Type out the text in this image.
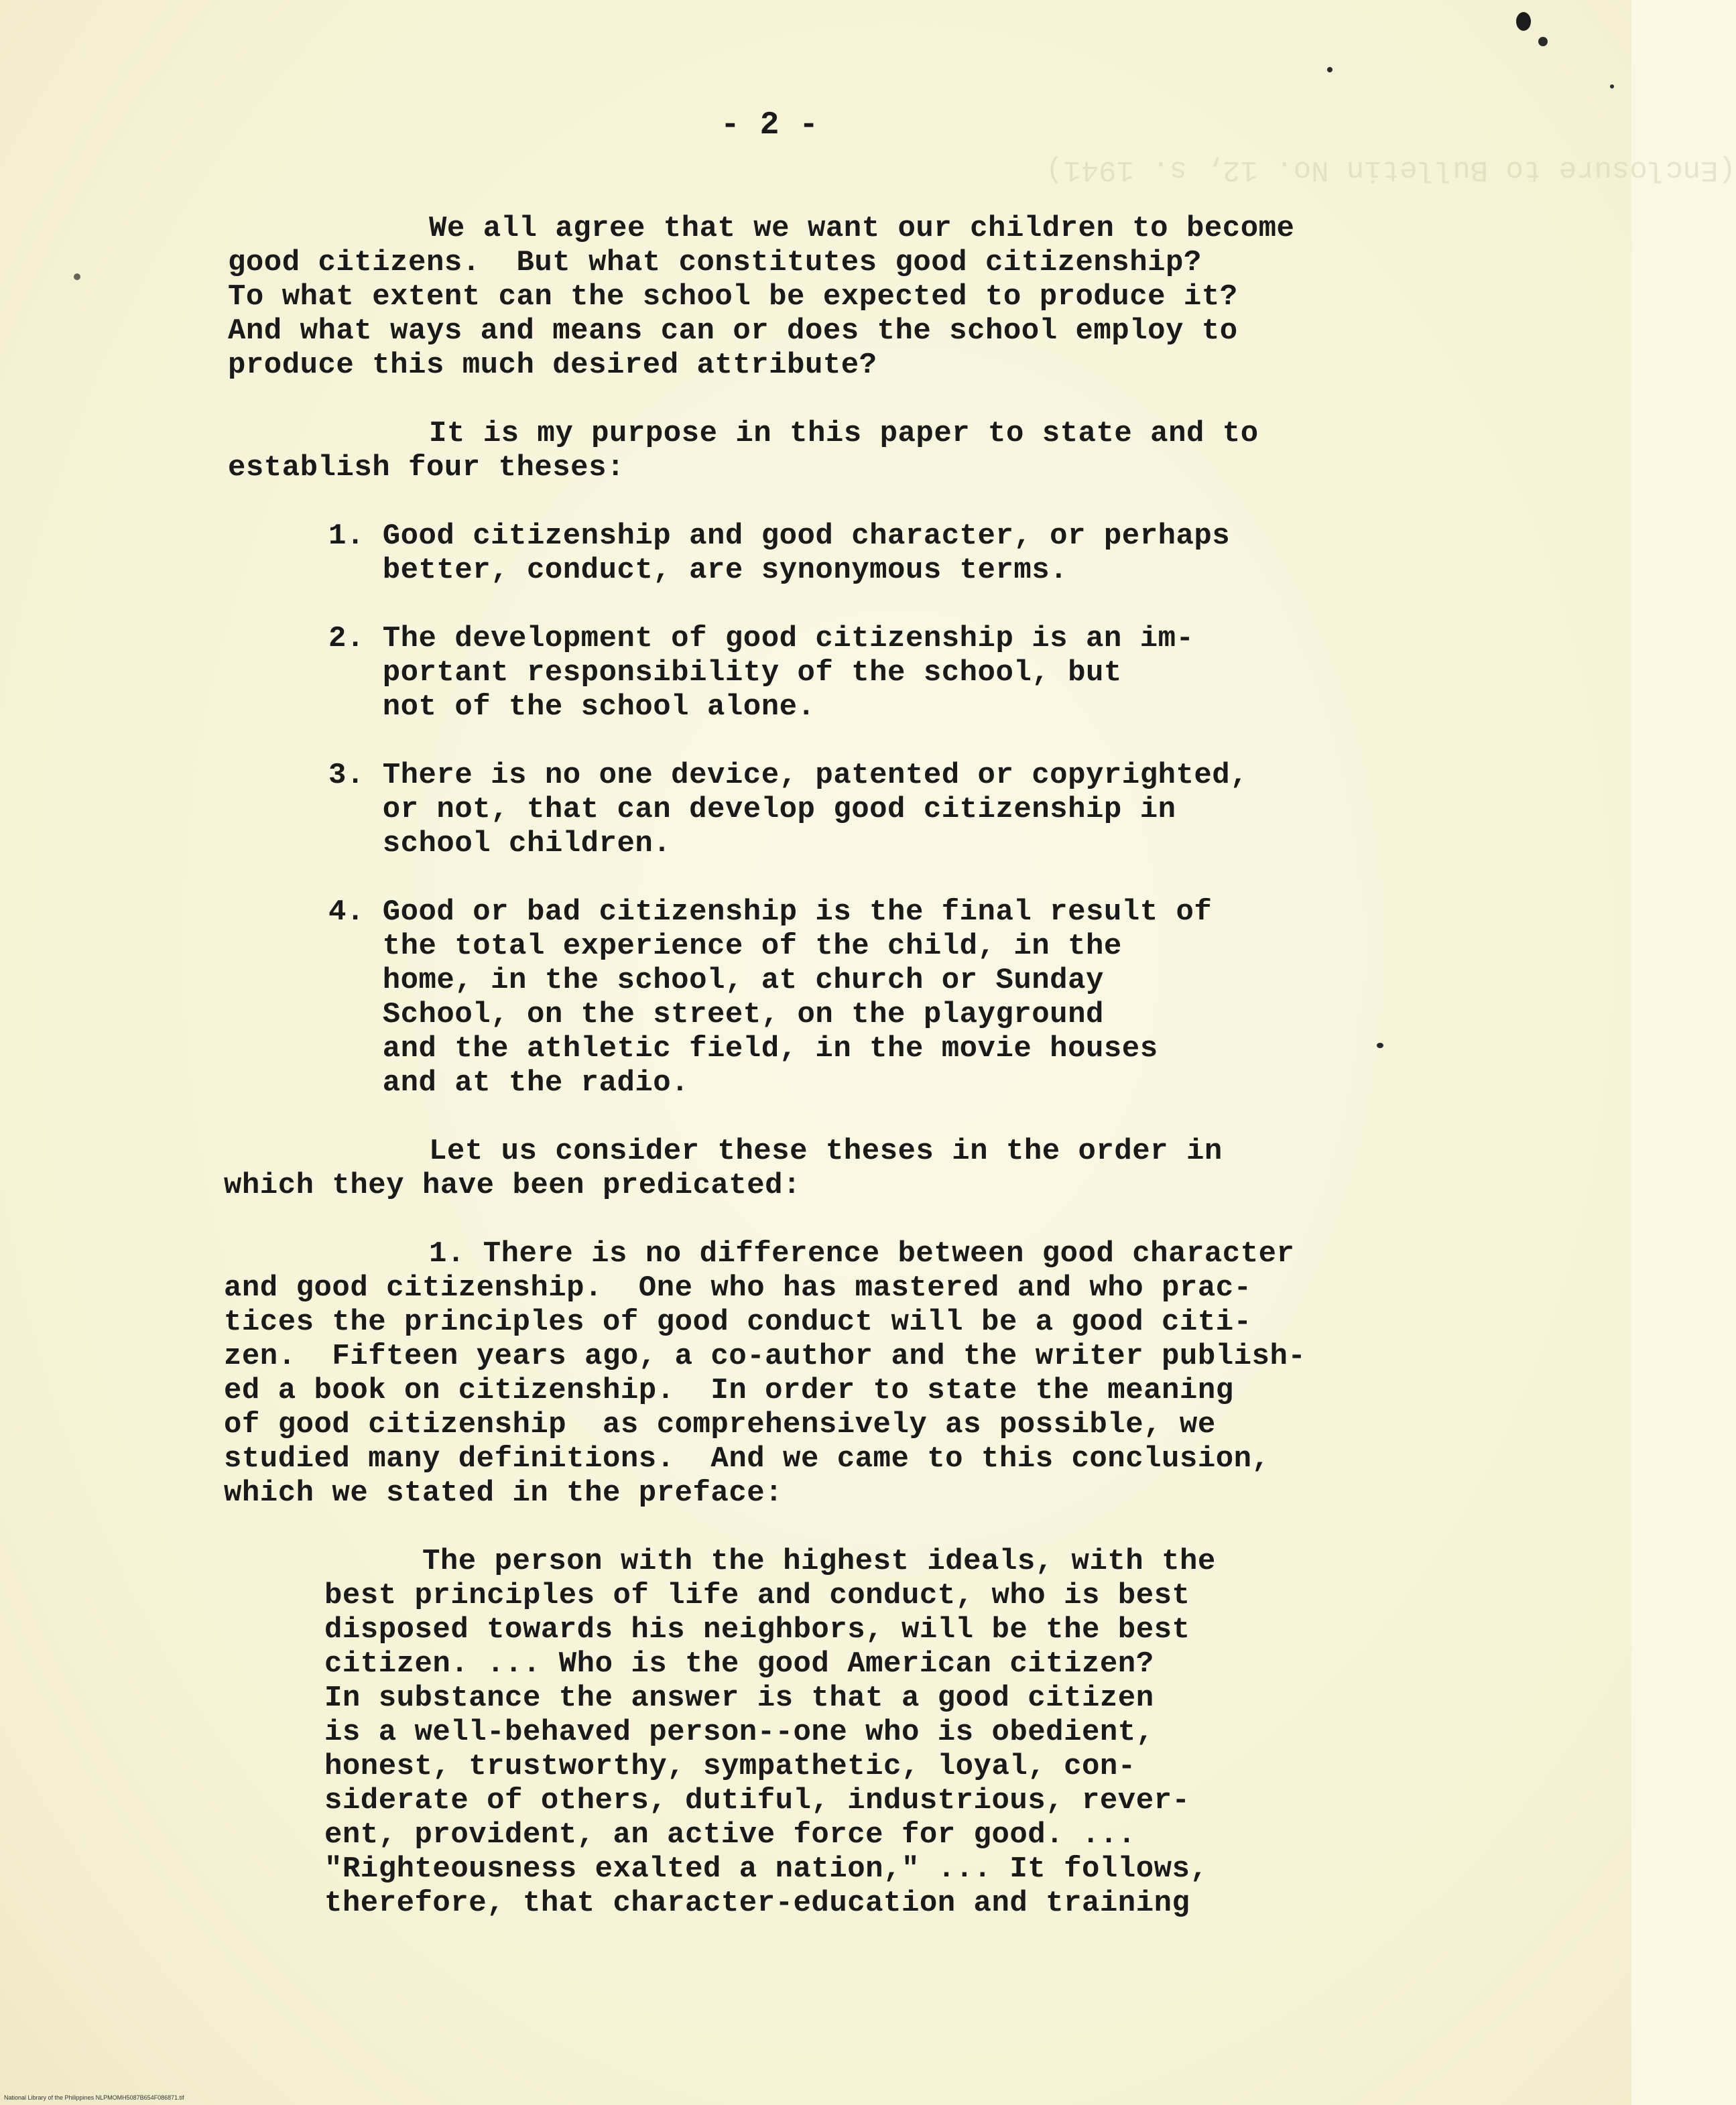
(Enclosure to Bulletin No. 12, s. 1941)
- 2 -
We all agree that we want our children to become
good citizens.  But what constitutes good citizenship?
To what extent can the school be expected to produce it?
And what ways and means can or does the school employ to
produce this much desired attribute?
It is my purpose in this paper to state and to
establish four theses:
1. Good citizenship and good character, or perhaps
better, conduct, are synonymous terms.
2. The development of good citizenship is an im-
portant responsibility of the school, but
not of the school alone.
3. There is no one device, patented or copyrighted,
or not, that can develop good citizenship in
school children.
4. Good or bad citizenship is the final result of
the total experience of the child, in the
home, in the school, at church or Sunday
School, on the street, on the playground
and the athletic field, in the movie houses
and at the radio.
Let us consider these theses in the order in
which they have been predicated:
1. There is no difference between good character
and good citizenship.  One who has mastered and who prac-
tices the principles of good conduct will be a good citi-
zen.  Fifteen years ago, a co-author and the writer publish-
ed a book on citizenship.  In order to state the meaning
of good citizenship  as comprehensively as possible, we
studied many definitions.  And we came to this conclusion,
which we stated in the preface:
The person with the highest ideals, with the
best principles of life and conduct, who is best
disposed towards his neighbors, will be the best
citizen. ... Who is the good American citizen?
In substance the answer is that a good citizen
is a well-behaved person--one who is obedient,
honest, trustworthy, sympathetic, loyal, con-
siderate of others, dutiful, industrious, rever-
ent, provident, an active force for good. ...
"Righteousness exalted a nation," ... It follows,
therefore, that character-education and training
National Library of the Philippines NLPMOMH5087B654F086871.tif
